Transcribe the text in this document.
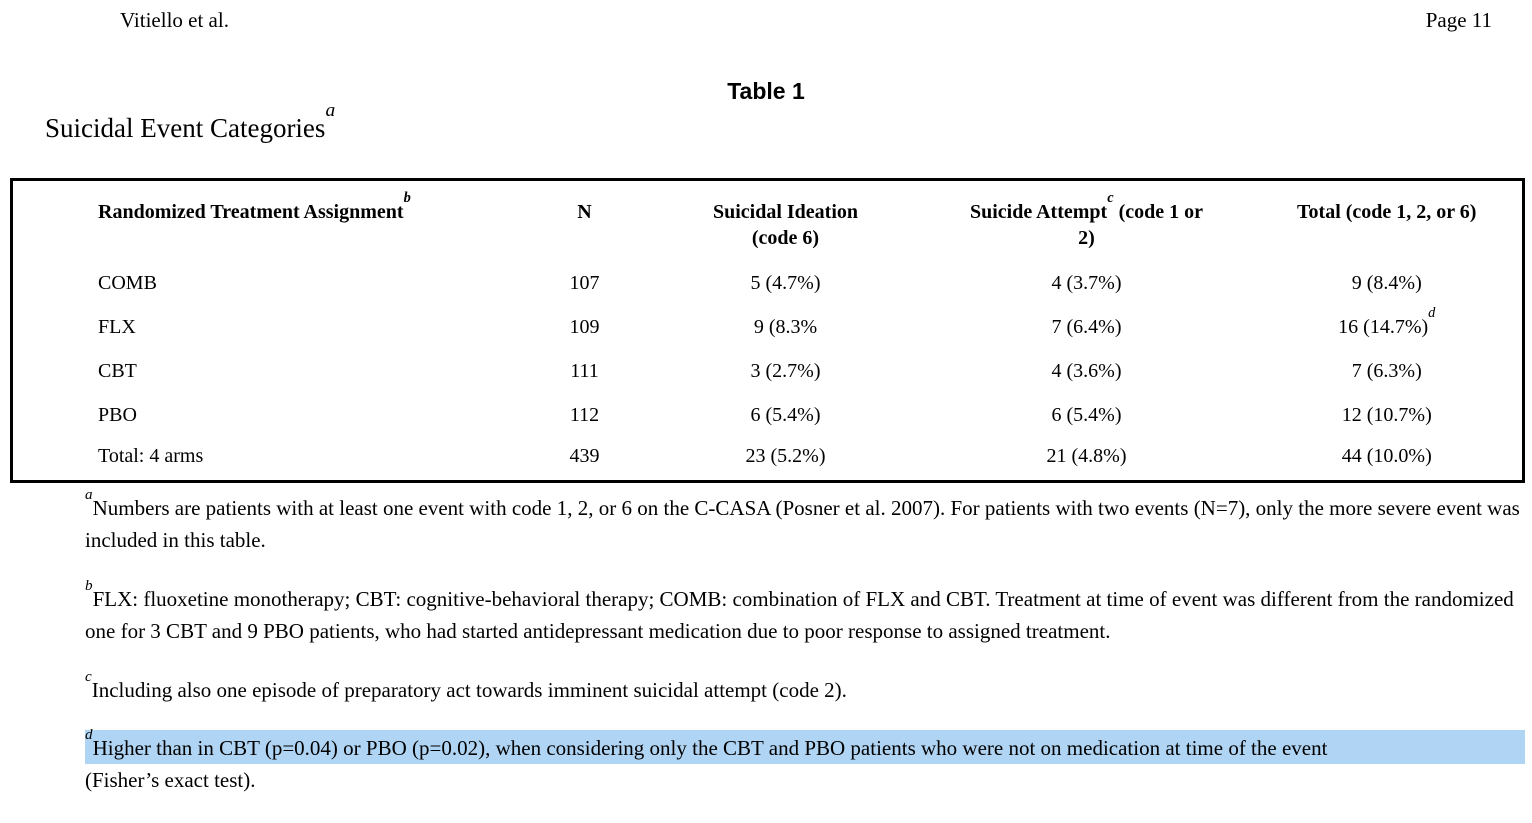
Vitiello et al.	Page 11
Table 1
Suicidal Event Categories$^a$
Randomized Treatment Assignment$^b$	N	Suicidal Ideation (code 6)	Suicide Attempt$^c$ (code 1 or 2)	Total (code 1, 2, or 6)
COMB	107	5 (4.7%)	4 (3.7%)	9 (8.4%)
FLX	109	9 (8.3%	7 (6.4%)	16 $(14.7\%)^d$
CBT	111	3 (2.7%)	4 (3.6%)	7 (6.3%)
PBO	112	6 (5.4%)	6 (5.4%)	12 (10.7%)
Total: 4 arms	439	23 (5.2%)	21 (4.8%)	44 (10.0%)
$^a$Numbers are patients with at least one event with code 1, 2, or 6 on the C-CASA (Posner et al. 2007). For patients with two events (N=7), only the more severe event was included in this table.
$^b$FLX: fluoxetine monotherapy; CBT: cognitive-behavioral therapy; COMB: combination of FLX and CBT. Treatment at time of event was different from the randomized one for 3 CBT and 9 PBO patients, who had started antidepressant medication due to poor response to assigned treatment.
$^c$Including also one episode of preparatory act towards imminent suicidal attempt (code 2).
$^d$Higher than in CBT (p=0.04) or PBO (p=0.02), when considering only the CBT and PBO patients who were not on medication at time of the event
(Fisher’s exact test).
